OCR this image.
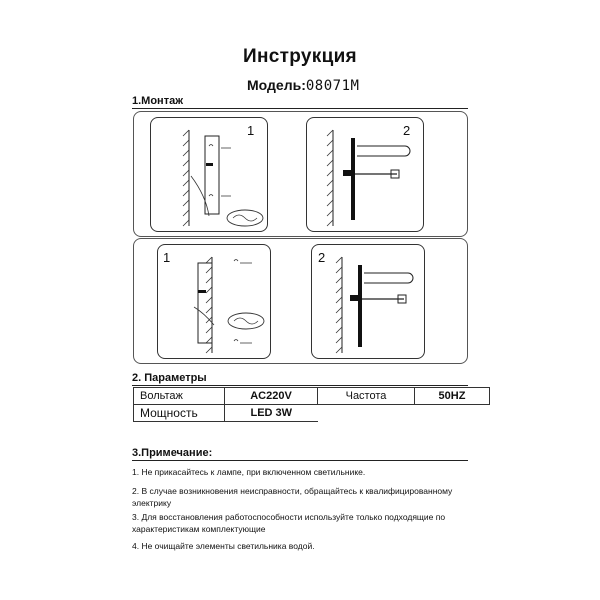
Инструкция
Модель:08071M
1.Монтаж
1	2
1	2
2. Параметры
Вольтаж	AC220V	Частота	50HZ
Мощность	LED 3W		
3.Примечание:
1. Не прикасайтесь к лампе, при включенном светильнике.
2. В случае возникновения неисправности, обращайтесь к квалифицированному
электрику
3. Для восстановления работоспособности используйте только подходящие по
характеристикам комплектующие
4. Не очищайте элементы светильника водой.
